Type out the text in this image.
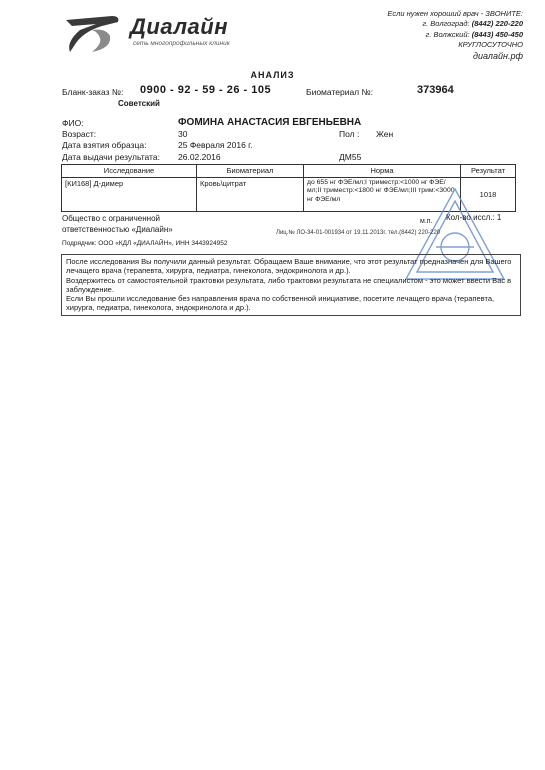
Диалайн
сеть многопрофильных клиник
Если нужен хороший врач - ЗВОНИТЕ:
г. Волгоград: (8442) 220-220
г. Волжский: (8443) 450-450
КРУГЛОСУТОЧНО
диалайн.рф
АНАЛИЗ
Бланк-заказ №: 0900 - 92 - 59 - 26 - 105
Советский
Биоматериал №:	373964
ФИО:	ФОМИНА АНАСТАСИЯ ЕВГЕНЬЕВНА
Возраст:	30	Пол : Жен
Дата взятия образца:	25 Февраля 2016 г.
Дата выдачи результата: 26.02.2016	ДМ55
Исследование	Биоматериал	Норма	Результат
[КИ168] Д-димер	Кровь\цитрат	до 655 нг ФЭЕ/мл;I триместр:<1000 нг ФЭЕ/мл;II триместр:<1800 нг ФЭЕ/мл;III трим:<3000 нг ФЭЕ/мл	1018
Общество с ограниченной
ответственностью «Диалайн»
м.п. Кол-во иссл.: 1
Лиц.№ ЛО-34-01-001934 от 19.11.2013г. тел.(8442) 220-220
Подрядчик: ООО «КДЛ «ДИАЛАЙН», ИНН 3443924952
После исследования Вы получили данный результат. Обращаем Ваше внимание, что этот результат предназначен для Вашего лечащего врача (терапевта, хирурга, педиатра, гинеколога, эндокринолога и др.).
Воздержитесь от самостоятельной трактовки результата, либо трактовки результата не специалистом - это может ввести Вас в заблуждение.
Если Вы прошли исследование без направления врача по собственной инициативе, посетите лечащего врача (терапевта, хирурга, педиатра, гинеколога, эндокринолога и др.).
